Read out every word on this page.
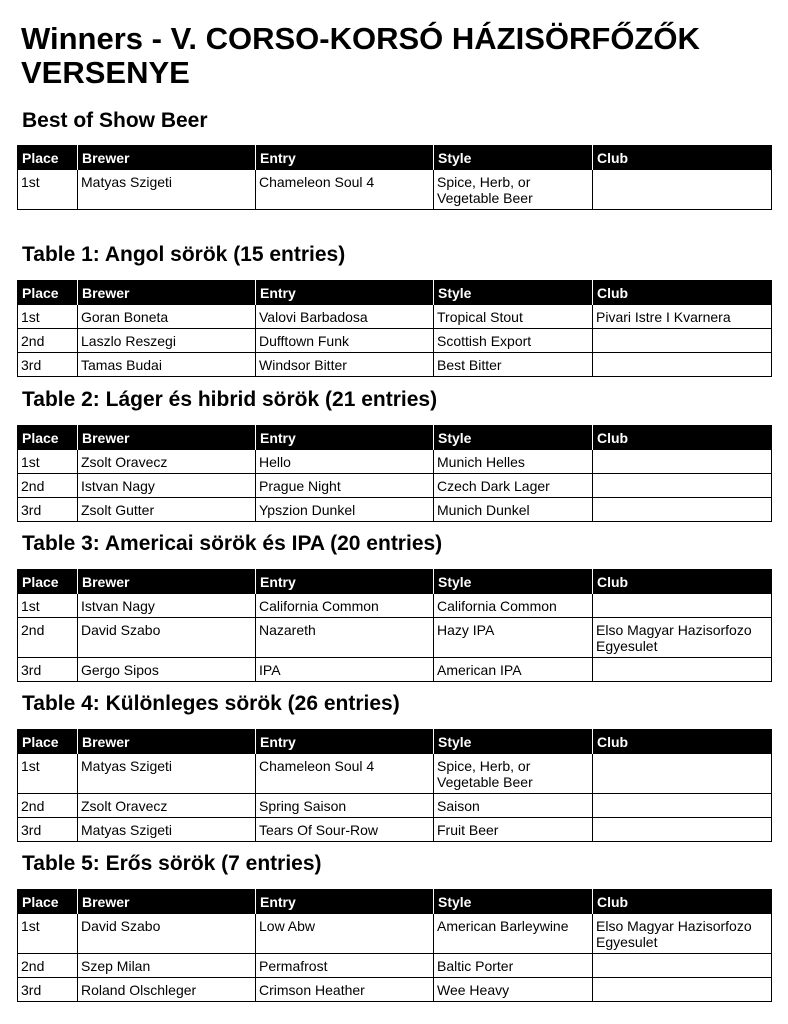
Winners - V. CORSO-KORSÓ HÁZISÖRFŐZŐK VERSENYE
Best of Show Beer
Place	Brewer	Entry	Style	Club
1st	Matyas Szigeti	Chameleon Soul 4	Spice, Herb, or Vegetable Beer	
Table 1: Angol sörök (15 entries)
Place	Brewer	Entry	Style	Club
1st	Goran Boneta	Valovi Barbadosa	Tropical Stout	Pivari Istre I Kvarnera
2nd	Laszlo Reszegi	Dufftown Funk	Scottish Export	
3rd	Tamas Budai	Windsor Bitter	Best Bitter	
Table 2: Láger és hibrid sörök (21 entries)
Place	Brewer	Entry	Style	Club
1st	Zsolt Oravecz	Hello	Munich Helles	
2nd	Istvan Nagy	Prague Night	Czech Dark Lager	
3rd	Zsolt Gutter	Ypszion Dunkel	Munich Dunkel	
Table 3: Americai sörök és IPA (20 entries)
Place	Brewer	Entry	Style	Club
1st	Istvan Nagy	California Common	California Common	
2nd	David Szabo	Nazareth	Hazy IPA	Elso Magyar Hazisorfozo Egyesulet
3rd	Gergo Sipos	IPA	American IPA	
Table 4: Különleges sörök (26 entries)
Place	Brewer	Entry	Style	Club
1st	Matyas Szigeti	Chameleon Soul 4	Spice, Herb, or Vegetable Beer	
2nd	Zsolt Oravecz	Spring Saison	Saison	
3rd	Matyas Szigeti	Tears Of Sour-Row	Fruit Beer	
Table 5: Erős sörök (7 entries)
Place	Brewer	Entry	Style	Club
1st	David Szabo	Low Abw	American Barleywine	Elso Magyar Hazisorfozo Egyesulet
2nd	Szep Milan	Permafrost	Baltic Porter	
3rd	Roland Olschleger	Crimson Heather	Wee Heavy	
